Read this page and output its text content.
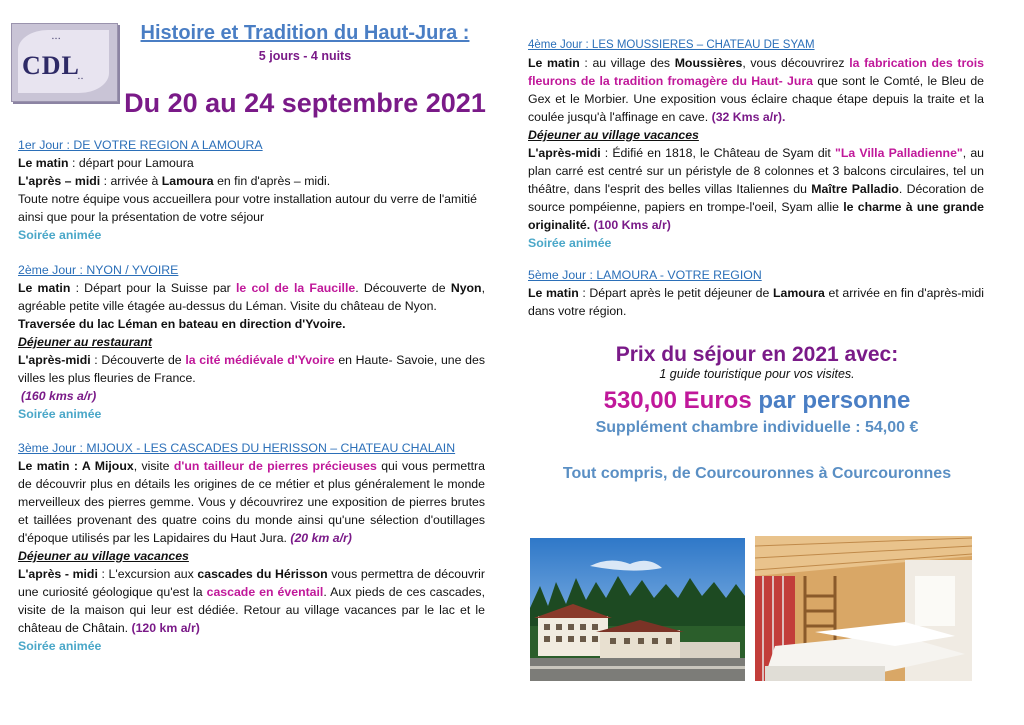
▪ ▪ ▪
▪ ▪
CDL
Histoire et Tradition du Haut-Jura :
5 jours - 4 nuits
Du 20 au 24 septembre 2021
1er Jour : DE VOTRE REGION A LAMOURA
Le matin : départ pour Lamoura
L'après – midi : arrivée à Lamoura en fin d'après – midi.
Toute notre équipe vous accueillera pour votre installation autour du verre de l'amitié ainsi que pour la présentation de votre séjour
Soirée animée
2ème Jour : NYON / YVOIRE
Le matin : Départ pour la Suisse par le col de la Faucille. Découverte de Nyon, agréable petite ville étagée au-dessus du Léman. Visite du château de Nyon.
Traversée du lac Léman en bateau en direction d'Yvoire.
Déjeuner au restaurant
L'après-midi : Découverte de la cité médiévale d'Yvoire en Haute- Savoie, une des villes les plus fleuries de France.
(160 kms a/r)
Soirée animée
3ème Jour : MIJOUX - LES CASCADES DU HERISSON – CHATEAU CHALAIN
Le matin : A Mijoux, visite d'un tailleur de pierres précieuses qui vous permettra de découvrir plus en détails les origines de ce métier et plus généralement le monde merveilleux des pierres gemme. Vous y découvrirez une exposition de pierres brutes et taillées provenant des quatre coins du monde ainsi qu'une sélection d'outillages d'époque utilisés par les Lapidaires du Haut Jura. (20 km a/r)
Déjeuner au village vacances
L'après - midi : L'excursion aux cascades du Hérisson vous permettra de découvrir une curiosité géologique qu'est la cascade en éventail. Aux pieds de ces cascades, visite de la maison qui leur est dédiée. Retour au village vacances par le lac et le château de Châtain. (120 km a/r)
Soirée animée
4ème Jour : LES MOUSSIERES – CHATEAU DE SYAM
Le matin : au village des Moussières, vous découvrirez la fabrication des trois fleurons de la tradition fromagère du Haut- Jura que sont le Comté, le Bleu de Gex et le Morbier. Une exposition vous éclaire chaque étape depuis la traite et la coulée jusqu'à l'affinage en cave. (32 Kms a/r).
Déjeuner au village vacances
L'après-midi : Édifié en 1818, le Château de Syam dit "La Villa Palladienne", au plan carré est centré sur un péristyle de 8 colonnes et 3 balcons circulaires, tel un théâtre, dans l'esprit des belles villas Italiennes du Maître Palladio. Décoration de source pompéienne, papiers en trompe-l'oeil, Syam allie le charme à une grande originalité. (100 Kms a/r)
Soirée animée
5ème Jour : LAMOURA - VOTRE REGION
Le matin : Départ après le petit déjeuner de Lamoura et arrivée en fin d'après-midi dans votre région.
Prix du séjour en 2021 avec:
1 guide touristique pour vos visites.
530,00 Euros par personne
Supplément chambre individuelle : 54,00 €
Tout compris, de Courcouronnes à Courcouronnes
